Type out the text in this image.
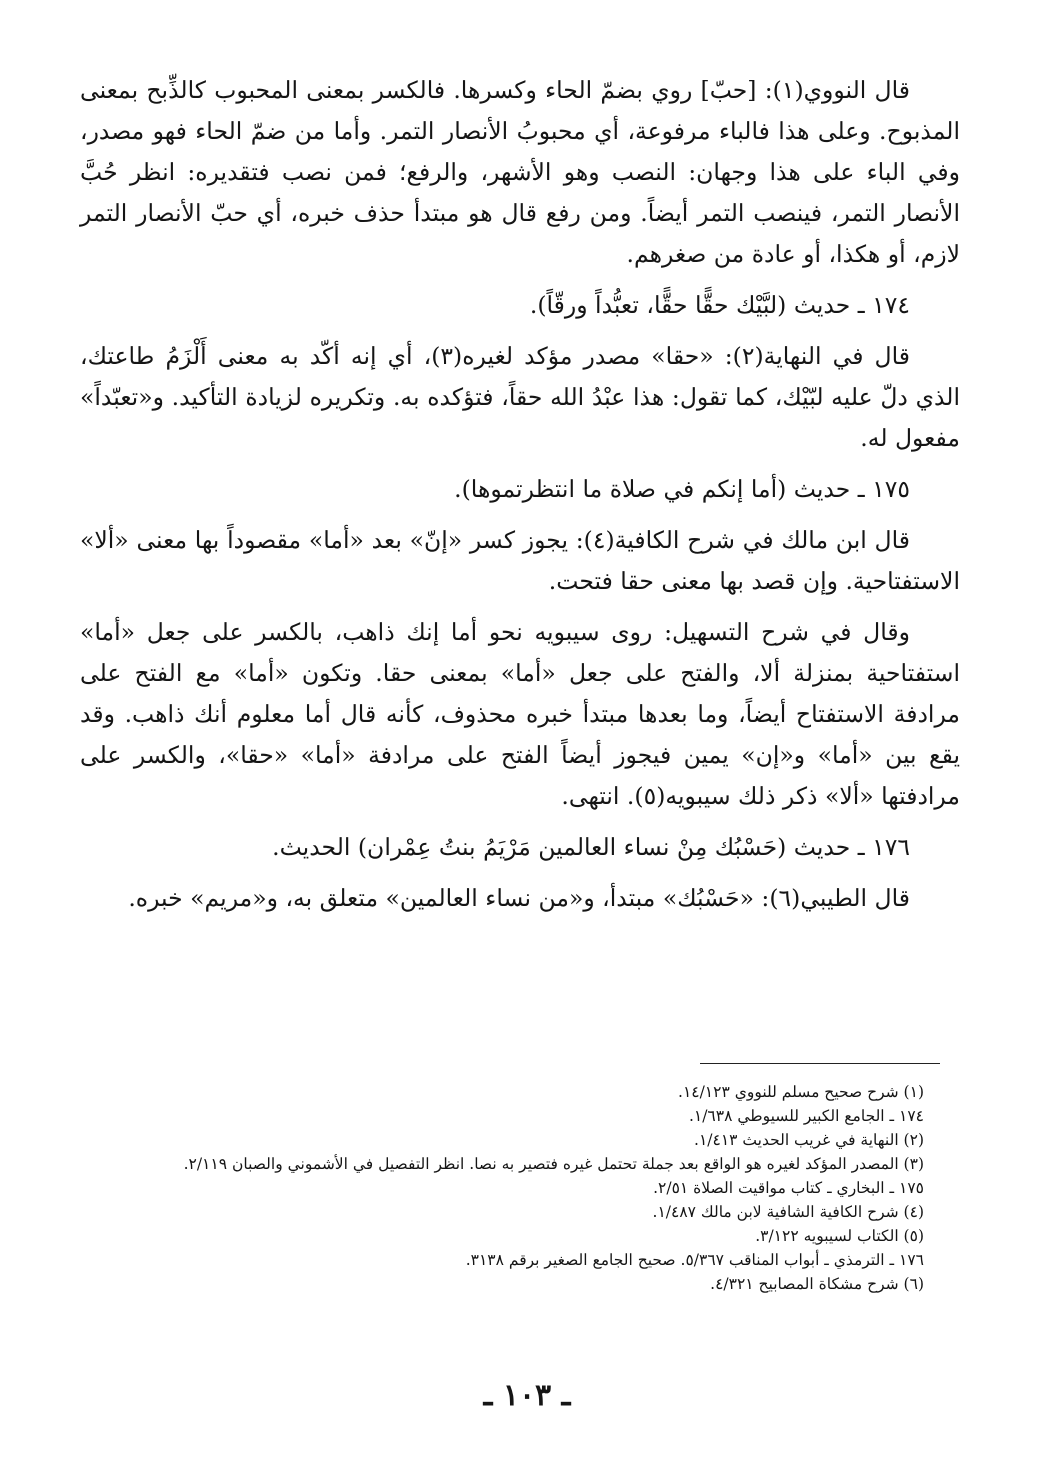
قال النووي(١): [حبّ] روي بضمّ الحاء وكسرها. فالكسر بمعنى المحبوب كالذِّبح بمعنى المذبوح. وعلى هذا فالباء مرفوعة، أي محبوبُ الأنصار التمر. وأما من ضمّ الحاء فهو مصدر، وفي الباء على هذا وجهان: النصب وهو الأشهر، والرفع؛ فمن نصب فتقديره: انظر حُبَّ الأنصار التمر، فينصب التمر أيضاً. ومن رفع قال هو مبتدأ حذف خبره، أي حبّ الأنصار التمر لازم، أو هكذا، أو عادة من صغرهم.

١٧٤ ـ حديث (لبَّيْك حقًّا حقًّا، تعبُّداً ورقّاً).

قال في النهاية(٢): «حقا» مصدر مؤكد لغيره(٣)، أي إنه أكّد به معنى أَلْزَمُ طاعتك، الذي دلّ عليه لبّيْك، كما تقول: هذا عبْدُ الله حقاً، فتؤكده به. وتكريره لزيادة التأكيد. و«تعبّداً» مفعول له.

١٧٥ ـ حديث (أما إنكم في صلاة ما انتظرتموها).

قال ابن مالك في شرح الكافية(٤): يجوز كسر «إنّ» بعد «أما» مقصوداً بها معنى «ألا» الاستفتاحية. وإن قصد بها معنى حقا فتحت.

وقال في شرح التسهيل: روى سيبويه نحو أما إنك ذاهب، بالكسر على جعل «أما» استفتاحية بمنزلة ألا، والفتح على جعل «أما» بمعنى حقا. وتكون «أما» مع الفتح على مرادفة الاستفتاح أيضاً، وما بعدها مبتدأ خبره محذوف، كأنه قال أما معلوم أنك ذاهب. وقد يقع بين «أما» و«إن» يمين فيجوز أيضاً الفتح على مرادفة «أما» «حقا»، والكسر على مرادفتها «ألا» ذكر ذلك سيبويه(٥). انتهى.

١٧٦ ـ حديث (حَسْبُك مِنْ نساء العالمين مَرْيَمُ بنتُ عِمْران) الحديث.

قال الطيبي(٦): «حَسْبُك» مبتدأ، و«من نساء العالمين» متعلق به، و«مريم» خبره.

(١) شرح صحيح مسلم للنووي ١٤/١٢٣.

١٧٤ ـ الجامع الكبير للسيوطي ١/٦٣٨.

(٢) النهاية في غريب الحديث ١/٤١٣.

(٣) المصدر المؤكد لغيره هو الواقع بعد جملة تحتمل غيره فتصير به نصا. انظر التفصيل في الأشموني والصبان ٢/١١٩.

١٧٥ ـ البخاري ـ كتاب مواقيت الصلاة ٢/٥١.

(٤) شرح الكافية الشافية لابن مالك ١/٤٨٧.

(٥) الكتاب لسيبويه ٣/١٢٢.

١٧٦ ـ الترمذي ـ أبواب المناقب ٥/٣٦٧. صحيح الجامع الصغير برقم ٣١٣٨.

(٦) شرح مشكاة المصابيح ٤/٣٢١.

ـ ١٠٣ ـ
